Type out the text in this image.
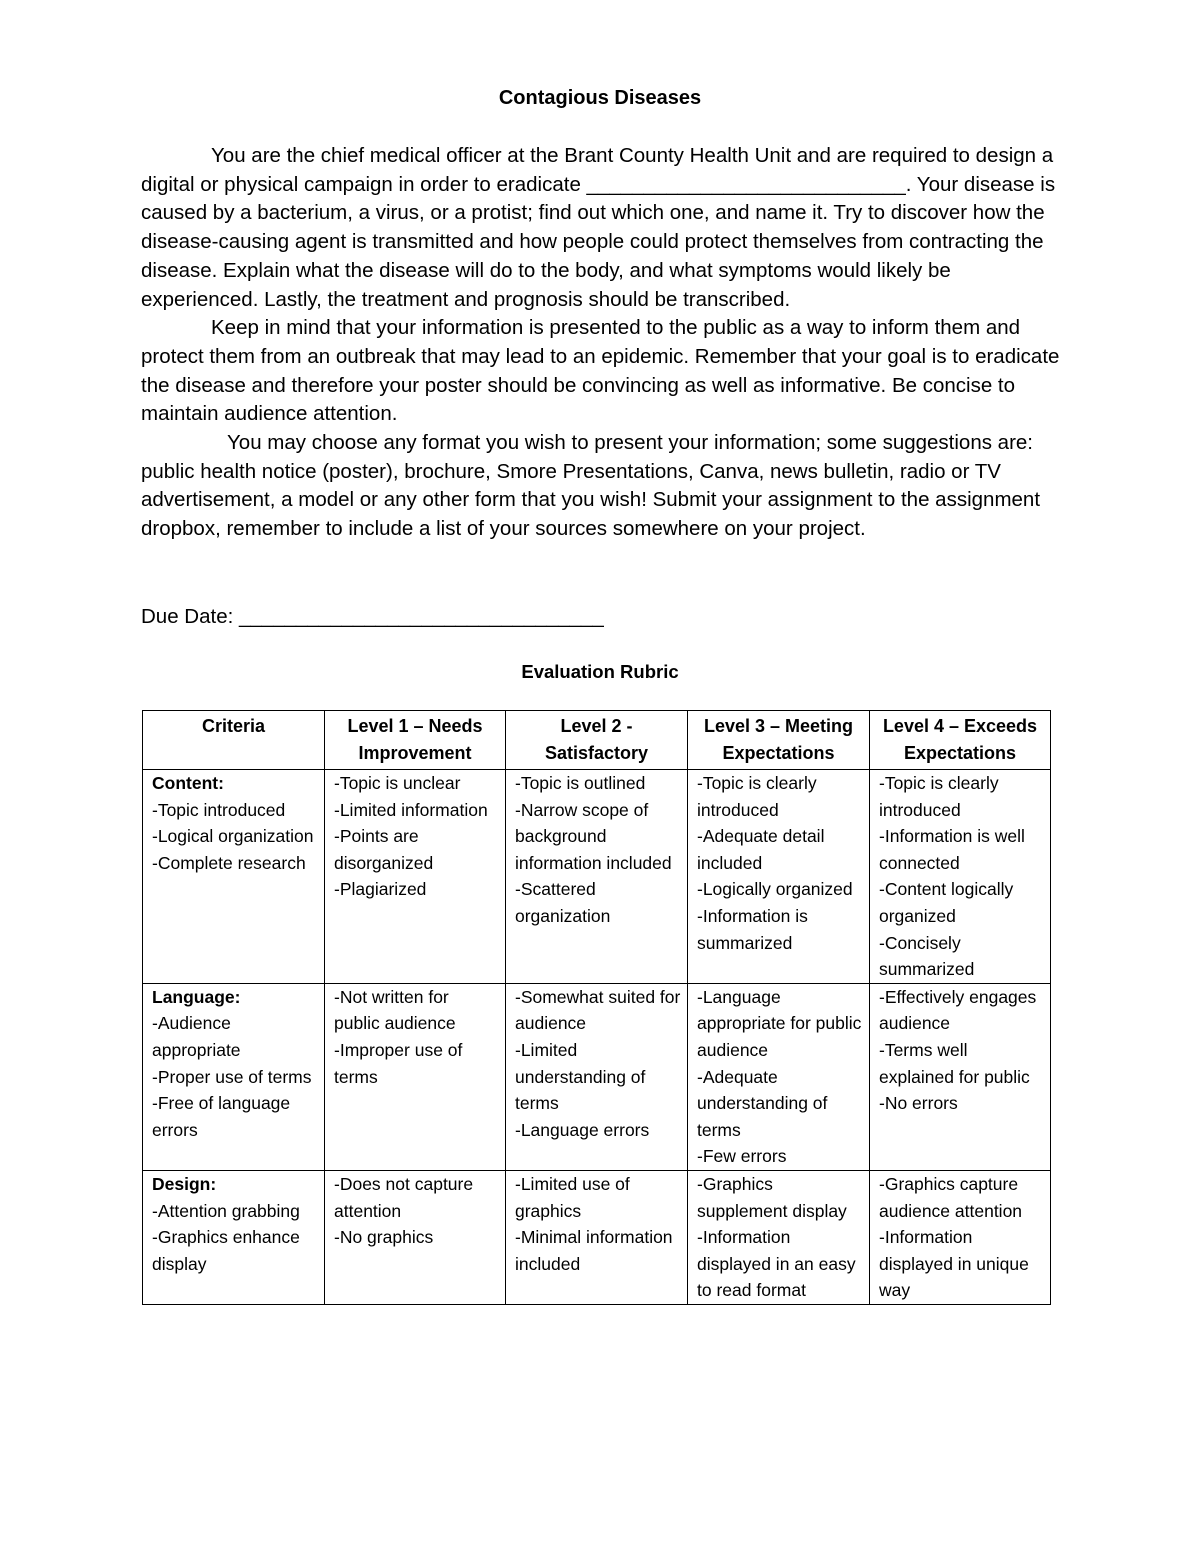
Contagious Diseases

You are the chief medical officer at the Brant County Health Unit and are required to design a digital or physical campaign in order to eradicate ____________________________. Your disease is caused by a bacterium, a virus, or a protist; find out which one, and name it. Try to discover how the disease-causing agent is transmitted and how people could protect themselves from contracting the disease. Explain what the disease will do to the body, and what symptoms would likely be experienced. Lastly, the treatment and prognosis should be transcribed.

Keep in mind that your information is presented to the public as a way to inform them and protect them from an outbreak that may lead to an epidemic. Remember that your goal is to eradicate the disease and therefore your poster should be convincing as well as informative. Be concise to maintain audience attention.

You may choose any format you wish to present your information; some suggestions are: public health notice (poster), brochure, Smore Presentations, Canva, news bulletin, radio or TV advertisement, a model or any other form that you wish! Submit your assignment to the assignment dropbox, remember to include a list of your sources somewhere on your project.

Due Date: ________________________________
Evaluation Rubric
Criteria	Level 1 – Needs Improvement	Level 2 - Satisfactory	Level 3 – Meeting Expectations	Level 4 – Exceeds Expectations

Content:
-Topic introduced
-Logical organization
-Complete research	-Topic is unclear
-Limited information
-Points are disorganized
-Plagiarized	-Topic is outlined
-Narrow scope of background information included
-Scattered organization	-Topic is clearly introduced
-Adequate detail included
-Logically organized
-Information is summarized	-Topic is clearly introduced
-Information is well connected
-Content logically organized
-Concisely summarized

Language:
-Audience appropriate
-Proper use of terms
-Free of language errors	-Not written for public audience
-Improper use of terms	-Somewhat suited for audience
-Limited understanding of terms
-Language errors	-Language appropriate for public audience
-Adequate understanding of terms
-Few errors	-Effectively engages audience
-Terms well explained for public
-No errors

Design:
-Attention grabbing
-Graphics enhance display	-Does not capture attention
-No graphics	-Limited use of graphics
-Minimal information included	-Graphics supplement display
-Information displayed in an easy to read format	-Graphics capture audience attention
-Information displayed in unique way
